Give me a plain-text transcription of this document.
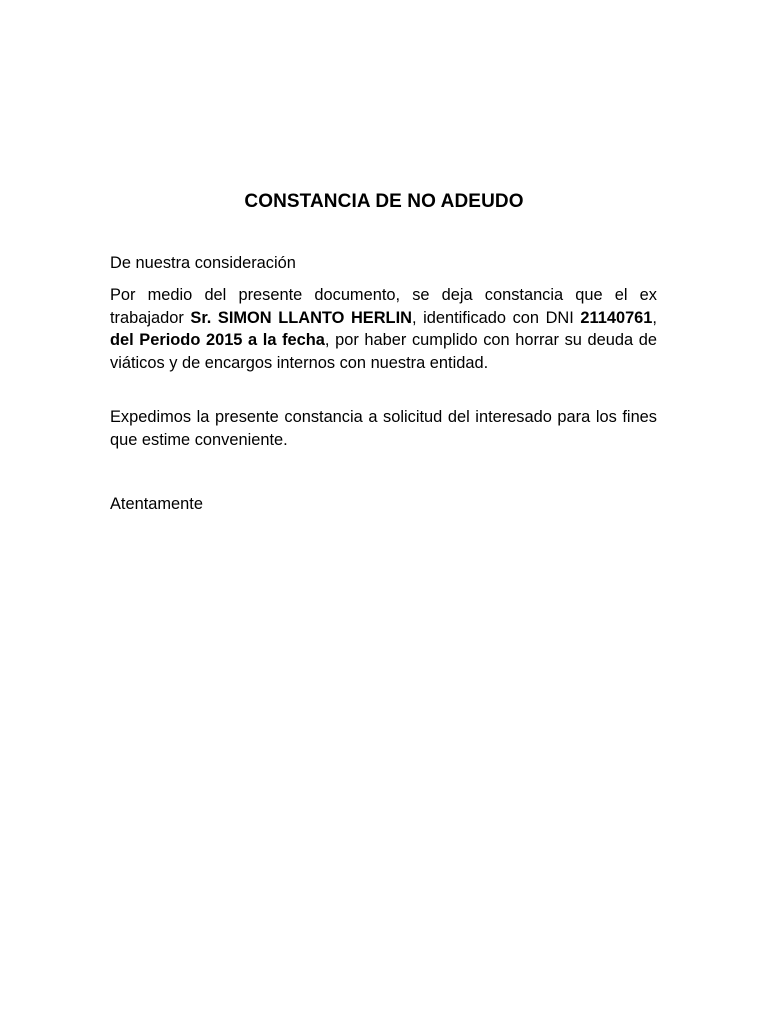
CONSTANCIA DE NO ADEUDO
De nuestra consideración
Por medio del presente documento, se deja constancia que el ex trabajador Sr. SIMON LLANTO HERLIN, identificado con DNI 21140761, del Periodo 2015 a la fecha, por haber cumplido con horrar su deuda de viáticos y de encargos internos con nuestra entidad.
Expedimos la presente constancia a solicitud del interesado para los fines que estime conveniente.
Atentamente
